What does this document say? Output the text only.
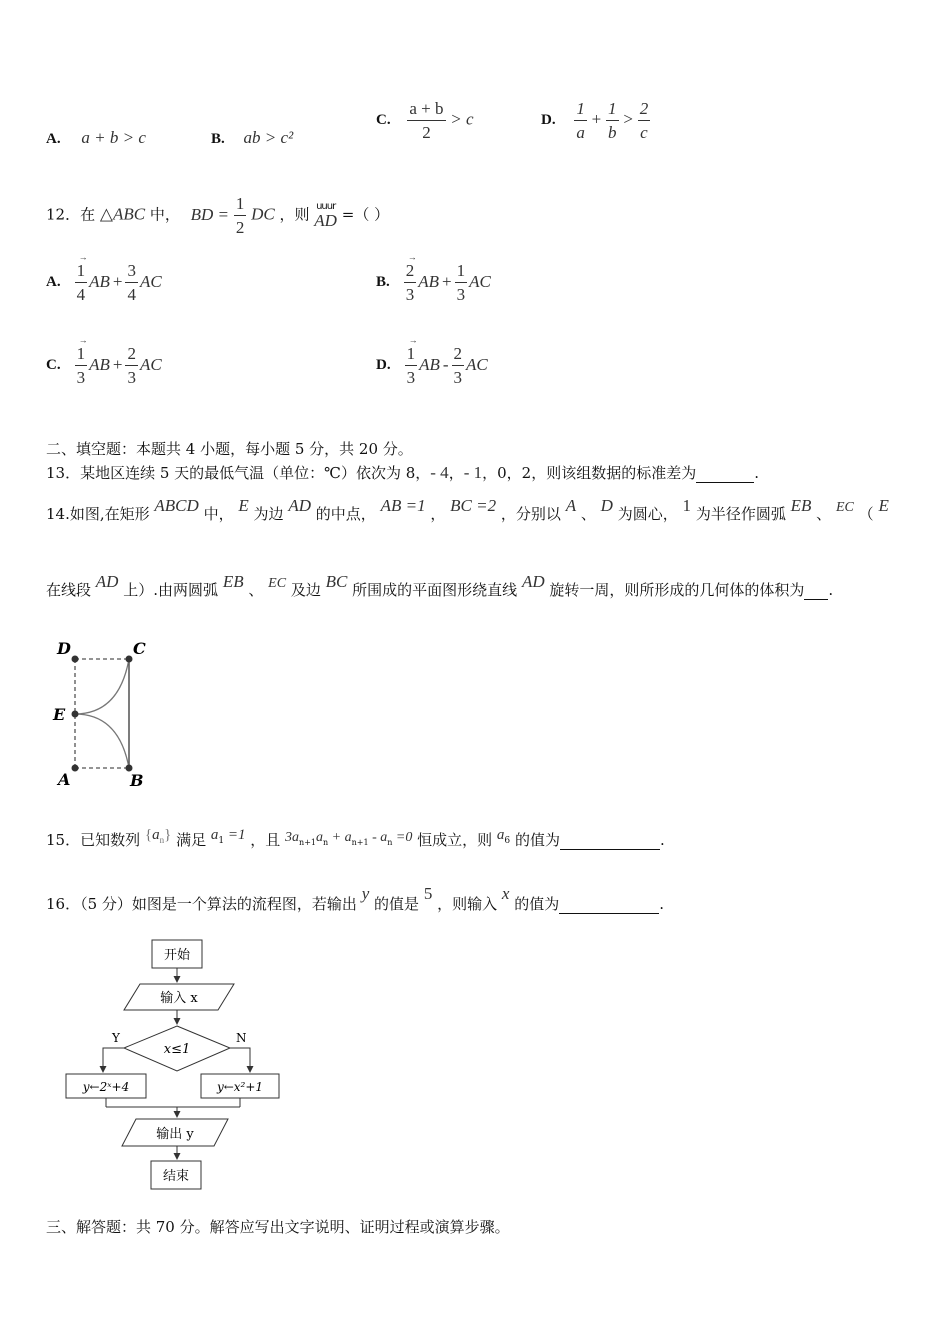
A. a + b > c	B. ab > c²
C. $\frac{a + b}{2} > c$	D. $\frac{1}{a} + \frac{1}{b} > \frac{2}{c}$
12．在 △ABC 中， BD = $\frac{1}{2}$ DC ，则 uuur
AD =（ ）
A.
→
1
4
AB + $\frac{3}{4}$ AC	B.
→
2
3
AB + $\frac{1}{3}$ AC
C.
→
1
3
AB + $\frac{2}{3}$ AC	D.
→
1
3
AB - $\frac{2}{3}$ AC
二、填空题：本题共 4 小题，每小题 5 分，共 20 分。
13．某地区连续 5 天的最低气温（单位：℃）依次为 8，- 4，- 1，0，2，则该组数据的标准差为	.
14.如图,在矩形 ABCD 中， E 为边 AD 的中点， AB =1 ， BC =2 ，分别以 A 、 D 为圆心， 1 为半径作圆弧 EB 、 EC （ E
在线段 AD 上）.由两圆弧 EB 、 EC 及边 BC 所围成的平面图形绕直线 AD 旋转一周，则所形成的几何体的体积为 .
D	C
E
A	B
15．已知数列 $\{a_n\}$ 满足 $a_1 =1$ ，且 $3a_{n+1}a_n + a_{n+1} - a_n =0$ 恒成立，则 $a_6$ 的值为	.
16．（5 分）如图是一个算法的流程图，若输出 y 的值是 5 ，则输入 x 的值为	.
开始
输入 x
x≤1
Y	N
y←2ˣ+4	y←x²+1
输出 y
结束
三、解答题：共 70 分。解答应写出文字说明、证明过程或演算步骤。
